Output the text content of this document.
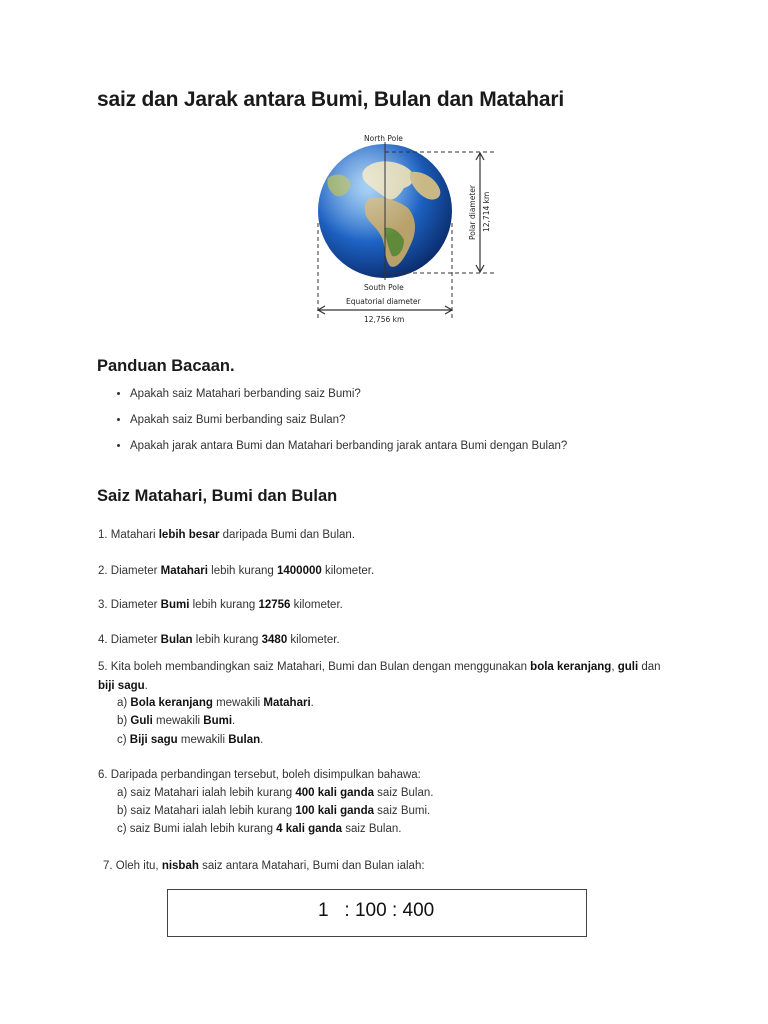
saiz dan Jarak antara Bumi, Bulan dan Matahari
North Pole
South Pole
Equatorial diameter
12,756 km
Polar diameter 12,714 km
Panduan Bacaan.
• Apakah saiz Matahari berbanding saiz Bumi?
• Apakah saiz Bumi berbanding saiz Bulan?
• Apakah jarak antara Bumi dan Matahari berbanding jarak antara Bumi dengan Bulan?
Saiz Matahari, Bumi dan Bulan
1. Matahari lebih besar daripada Bumi dan Bulan.
2. Diameter Matahari lebih kurang 1400000 kilometer.
3. Diameter Bumi lebih kurang 12756 kilometer.
4. Diameter Bulan lebih kurang 3480 kilometer.
5. Kita boleh membandingkan saiz Matahari, Bumi dan Bulan dengan menggunakan bola keranjang, guli dan
biji sagu.
a) Bola keranjang mewakili Matahari.
b) Guli mewakili Bumi.
c) Biji sagu mewakili Bulan.
6. Daripada perbandingan tersebut, boleh disimpulkan bahawa:
a) saiz Matahari ialah lebih kurang 400 kali ganda saiz Bulan.
b) saiz Matahari ialah lebih kurang 100 kali ganda saiz Bumi.
c) saiz Bumi ialah lebih kurang 4 kali ganda saiz Bulan.
7. Oleh itu, nisbah saiz antara Matahari, Bumi dan Bulan ialah:
1   : 100 : 400
